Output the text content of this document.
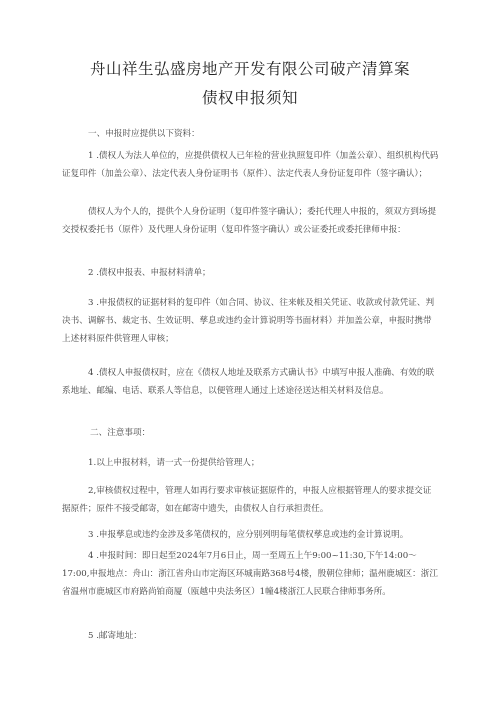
舟山祥生弘盛房地产开发有限公司破产清算案
债权申报须知

一、申报时应提供以下资料：

1 .债权人为法人单位的，应提供债权人已年检的营业执照复印件（加盖公章）、组织机构代码证复印件（加盖公章）、法定代表人身份证明书（原件）、法定代表人身份证复印件（签字确认）；

债权人为个人的，提供个人身份证明（复印件签字确认）；委托代理人申报的，须双方到场提交授权委托书（原件）及代理人身份证明（复印件签字确认）或公证委托或委托律师申报：

2 .债权申报表、申报材料清单；

3 .申报债权的证据材料的复印件（如合同、协议、往来帐及相关凭证、收款或付款凭证、判决书、调解书、裁定书、生效证明、孳息或违约金计算说明等书面材料）并加盖公章，申报时携带上述材料原件供管理人审核；

4 .债权人申报债权时，应在《债权人地址及联系方式确认书》中填写申报人准确、有效的联系地址、邮编、电话、联系人等信息，以便管理人通过上述途径送达相关材料及信息。

二、注意事项：

1.以上申报材料，请一式一份提供给管理人；

2,审核债权过程中，管理人如再行要求审核证据原件的，申报人应根据管理人的要求提交证据原件；原件不接受邮寄，如在邮寄中遗失，由债权人自行承担责任。

3 .申报孳息或违约金涉及多笔债权的，应分别列明每笔债权孳息或违约金计算说明。

4 .申报时间：即日起至2024年7月6日止，周一至周五上午9:00~11:30,下午14:00〜17:00,申报地点：舟山：浙江省舟山市定海区环城南路368号4楼，殷朝位律师；温州鹿城区：浙江省温州市鹿城区市府路尚铂商厦（瓯越中央法务区）1幢4楼浙江人民联合律师事务所。

5 .邮寄地址：
